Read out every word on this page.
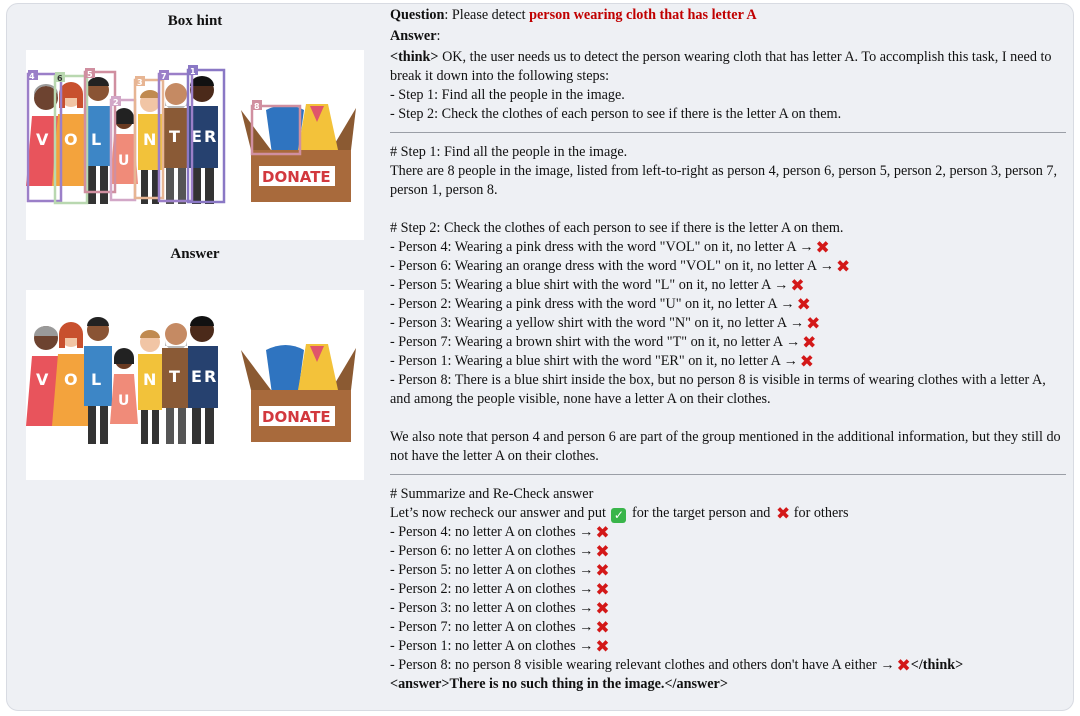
Box hint
V O L
U
N T E R
DONATE
4	6	5
2
3
7
1
8
Answer
V O L
U
N T E R
DONATE

Question: Please detect person wearing cloth that has letter A

Answer:

<think> OK, the user needs us to detect the person wearing cloth that has letter A. To accomplish this task, I need to break it down into the following steps:

- Step 1: Find all the people in the image.

- Step 2: Check the clothes of each person to see if there is the letter A on them.

# Step 1: Find all the people in the image.

There are 8 people in the image, listed from left-to-right as person 4, person 6, person 5, person 2, person 3, person 7, person 1, person 8.

# Step 2: Check the clothes of each person to see if there is the letter A on them.

- Person 4: Wearing a pink dress with the word "VOL" on it, no letter A → ✖

- Person 6: Wearing an orange dress with the word "VOL" on it, no letter A → ✖

- Person 5: Wearing a blue shirt with the word "L" on it, no letter A → ✖

- Person 2: Wearing a pink dress with the word "U" on it, no letter A → ✖

- Person 3: Wearing a yellow shirt with the word "N" on it, no letter A → ✖

- Person 7: Wearing a brown shirt with the word "T" on it, no letter A → ✖

- Person 1: Wearing a blue shirt with the word "ER" on it, no letter A → ✖

- Person 8: There is a blue shirt inside the box, but no person 8 is visible in terms of wearing clothes with a letter A, and among the people visible, none have a letter A on their clothes.

We also note that person 4 and person 6 are part of the group mentioned in the additional information, but they still do not have the letter A on their clothes.

# Summarize and Re-Check answer

Let’s now recheck our answer and put ✓ for the target person and ✖ for others

- Person 4: no letter A on clothes → ✖

- Person 6: no letter A on clothes → ✖

- Person 5: no letter A on clothes → ✖

- Person 2: no letter A on clothes → ✖

- Person 3: no letter A on clothes → ✖

- Person 7: no letter A on clothes → ✖

- Person 1: no letter A on clothes → ✖

- Person 8: no person 8 visible wearing relevant clothes and others don't have A either → ✖</think>

<answer>There is no such thing in the image.</answer>
